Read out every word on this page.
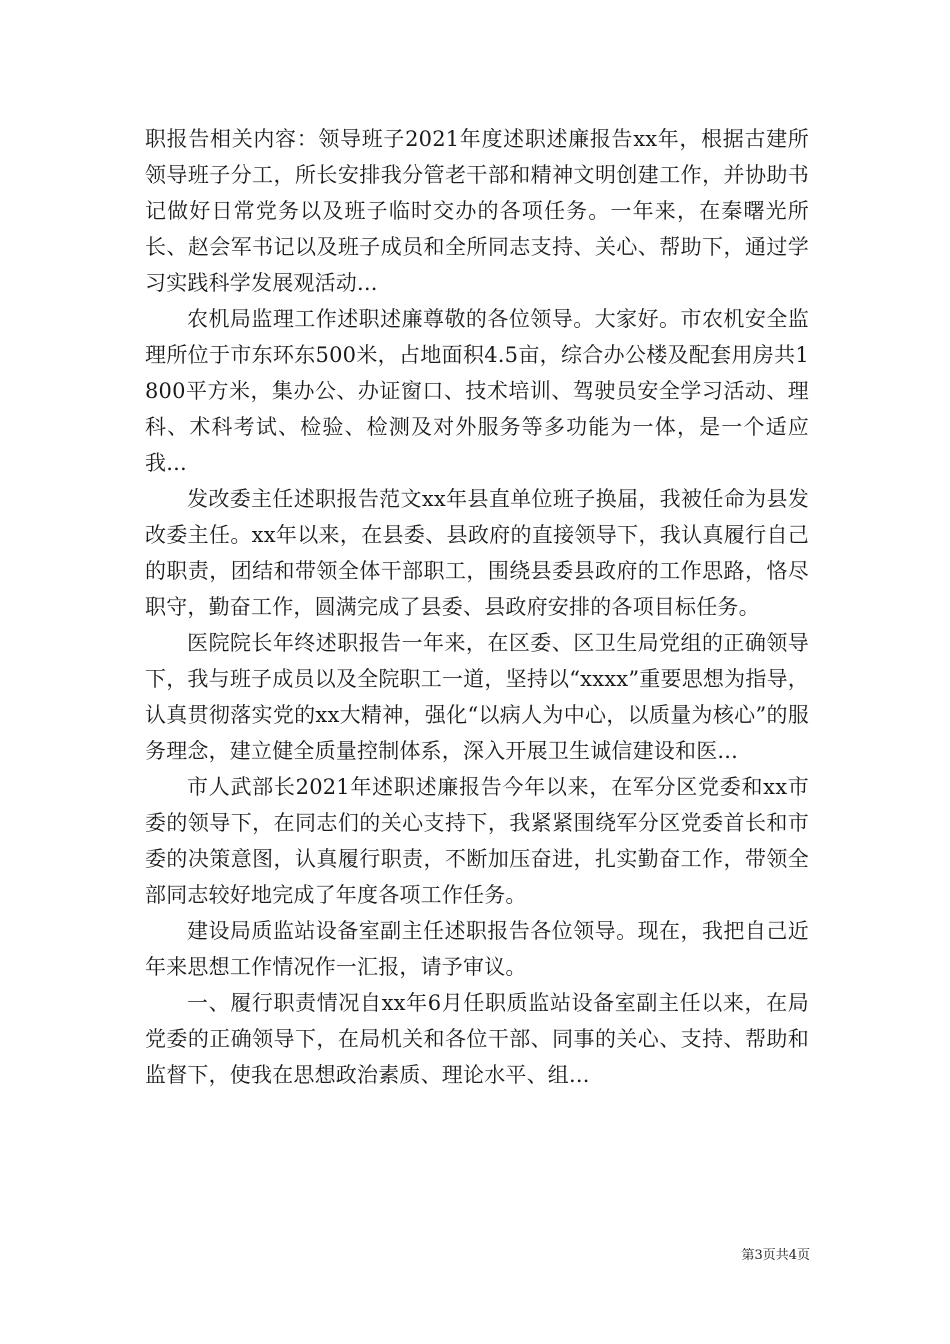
职报告相关内容：领导班子2021年度述职述廉报告xx年，根据古建所领导班子分工，所长安排我分管老干部和精神文明创建工作，并协助书记做好日常党务以及班子临时交办的各项任务。一年来，在秦曙光所长、赵会军书记以及班子成员和全所同志支持、关心、帮助下，通过学习实践科学发展观活动...

农机局监理工作述职述廉尊敬的各位领导。大家好。市农机安全监理所位于市东环东500米，占地面积4.5亩，综合办公楼及配套用房共1800平方米，集办公、办证窗口、技术培训、驾驶员安全学习活动、理科、术科考试、检验、检测及对外服务等多功能为一体，是一个适应我...

发改委主任述职报告范文xx年县直单位班子换届，我被任命为县发改委主任。xx年以来，在县委、县政府的直接领导下，我认真履行自己的职责，团结和带领全体干部职工，围绕县委县政府的工作思路，恪尽职守，勤奋工作，圆满完成了县委、县政府安排的各项目标任务。

医院院长年终述职报告一年来，在区委、区卫生局党组的正确领导下，我与班子成员以及全院职工一道，坚持以“xxxx”重要思想为指导，认真贯彻落实党的xx大精神，强化“以病人为中心，以质量为核心”的服务理念，建立健全质量控制体系，深入开展卫生诚信建设和医...

市人武部长2021年述职述廉报告今年以来，在军分区党委和xx市委的领导下，在同志们的关心支持下，我紧紧围绕军分区党委首长和市委的决策意图，认真履行职责，不断加压奋进，扎实勤奋工作，带领全部同志较好地完成了年度各项工作任务。

建设局质监站设备室副主任述职报告各位领导。现在，我把自己近年来思想工作情况作一汇报，请予审议。

一、履行职责情况自xx年6月任职质监站设备室副主任以来，在局党委的正确领导下，在局机关和各位干部、同事的关心、支持、帮助和监督下，使我在思想政治素质、理论水平、组...

第3页共4页
